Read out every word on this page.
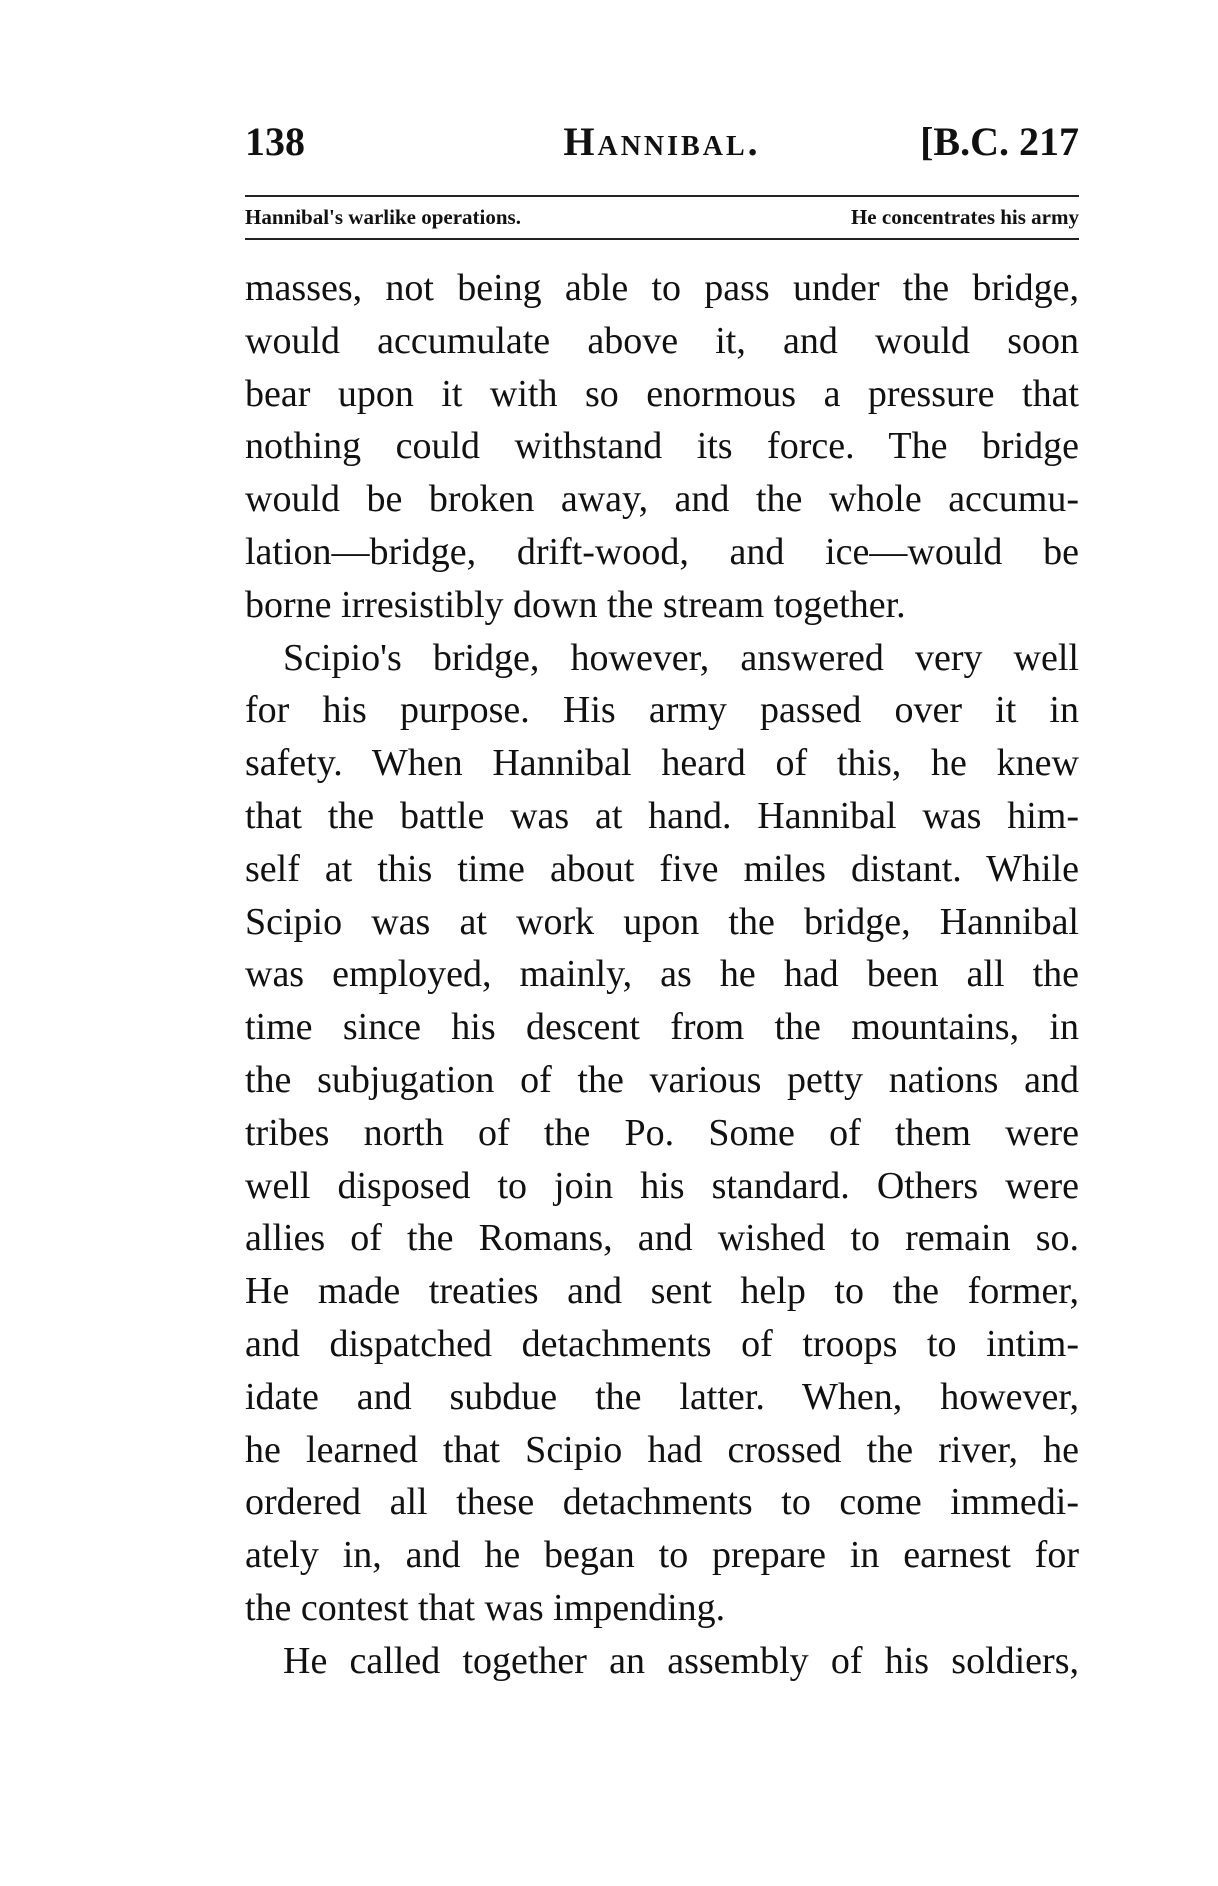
138	Hannibal.	[B.C. 217
Hannibal's warlike operations.	He concentrates his army
masses, not being able to pass under the bridge,
would accumulate above it, and would soon
bear upon it with so enormous a pressure that
nothing could withstand its force. The bridge
would be broken away, and the whole accumu-
lation—bridge, drift-wood, and ice—would be
borne irresistibly down the stream together.
Scipio's bridge, however, answered very well
for his purpose. His army passed over it in
safety. When Hannibal heard of this, he knew
that the battle was at hand. Hannibal was him-
self at this time about five miles distant. While
Scipio was at work upon the bridge, Hannibal
was employed, mainly, as he had been all the
time since his descent from the mountains, in
the subjugation of the various petty nations and
tribes north of the Po. Some of them were
well disposed to join his standard. Others were
allies of the Romans, and wished to remain so.
He made treaties and sent help to the former,
and dispatched detachments of troops to intim-
idate and subdue the latter. When, however,
he learned that Scipio had crossed the river, he
ordered all these detachments to come immedi-
ately in, and he began to prepare in earnest for
the contest that was impending.
He called together an assembly of his soldiers,
